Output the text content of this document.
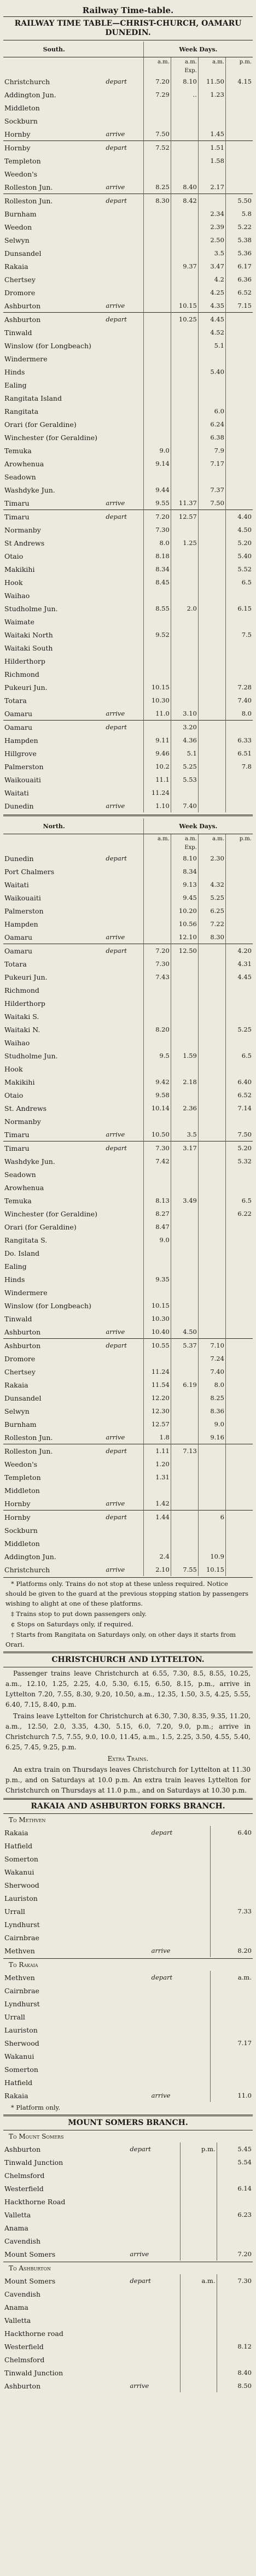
Railway Time-table.
RAILWAY TIME TABLE—CHRIST-CHURCH, OAMARU DUNEDIN.
South.		Week Days.			
		a.m.	a.m.	a.m.	p.m.
			Exp.		
Christchurch	depart	7.20	8.10	11.50	4.15
Addington Jun.		7.29	..	1.23	
Middleton					
Sockburn					
Hornby	arrive	7.50		1.45	
Hornby	depart	7.52		1.51	
Templeton				1.58	
Weedon's					
Rolleston Jun.	arrive	8.25	8.40	2.17	
Rolleston Jun.	depart	8.30	8.42		5.50
Burnham				2.34	5.8
Weedon				2.39	5.22
Selwyn				2.50	5.38
Dunsandel				3.5	5.36
Rakaia			9.37	3.47	6.17
Chertsey				4.2	6.36
Dromore				4.25	6.52
Ashburton	arrive		10.15	4.35	7.15
Ashburton	depart		10.25	4.45	
Tinwald				4.52	
Winslow (for Longbeach)				5.1	
Windermere					
Hinds				5.40	
Ealing					
Rangitata Island					
Rangitata				6.0	
Orari (for Geraldine)				6.24	
Winchester (for Geraldine)				6.38	
Temuka		9.0		7.9	
Arowhenua		9.14		7.17	
Seadown					
Washdyke Jun.		9.44		7.37	
Timaru	arrive	9.55	11.37	7.50	
Timaru	depart	7.20	12.57		4.40
Normanby		7.30			4.50
St Andrews		8.0	1.25		5.20
Otaio		8.18			5.40
Makikihi		8.34			5.52
Hook		8.45			6.5
Waihao					
Studholme Jun.		8.55	2.0		6.15
Waimate					
Waitaki North		9.52			7.5
Waitaki South					
Hilderthorp					
Richmond					
Pukeuri Jun.		10.15			7.28
Totara		10.30			7.40
Oamaru	arrive	11.0	3.10		8.0
Oamaru	depart		3.20		
Hampden		9.11	4.36		6.33
Hillgrove		9.46	5.1		6.51
Palmerston		10.2	5.25		7.8
Waikouaiti		11.1	5.53		
Waitati		11.24			
Dunedin	arrive	1.10	7.40		
North.		Week Days.			
		a.m.	a.m.	a.m.	p.m.
			Exp.		
Dunedin	depart		8.10	2.30	
Port Chalmers			8.34		
Waitati			9.13	4.32	
Waikouaiti			9.45	5.25	
Palmerston			10.20	6.25	
Hampden			10.56	7.22	
Oamaru	arrive		12.10	8.30	
Oamaru	depart	7.20	12.50		4.20
Totara		7.30			4.31
Pukeuri Jun.		7.43			4.45
Richmond					
Hilderthorp					
Waitaki S.					
Waitaki N.		8.20			5.25
Waihao					
Studholme Jun.		9.5	1.59		6.5
Hook					
Makikihi		9.42	2.18		6.40
Otaio		9.58			6.52
St. Andrews		10.14	2.36		7.14
Normanby					
Timaru	arrive	10.50	3.5		7.50
Timaru	depart	7.30	3.17		5.20
Washdyke Jun.		7.42			5.32
Seadown					
Arowhenua					
Temuka		8.13	3.49		6.5
Winchester (for Geraldine)		8.27			6.22
Orari (for Geraldine)		8.47			
Rangitata S.		9.0			
Do. Island					
Ealing					
Hinds		9.35			
Windermere					
Winslow (for Longbeach)		10.15			
Tinwald		10.30			
Ashburton	arrive	10.40	4.50		
Ashburton	depart	10.55	5.37	7.10	
Dromore				7.24	
Chertsey		11.24		7.40	
Rakaia		11.54	6.19	8.0	
Dunsandel		12.20		8.25	
Selwyn		12.30		8.36	
Burnham		12.57		9.0	
Rolleston Jun.	arrive	1.8		9.16	
Rolleston Jun.	depart	1.11	7.13		
Weedon's		1.20			
Templeton		1.31			
Middleton					
Hornby	arrive	1.42			
Hornby	depart	1.44		6	
Sockburn					
Middleton					
Addington Jun.		2.4		10.9	
Christchurch	arrive	2.10	7.55	10.15	
* Platforms only. Trains do not stop at these unless required. Notice should be given to the guard at the previous stopping station by passengers wishing to alight at one of these platforms.
‡ Trains stop to put down passengers only.
¢ Stops on Saturdays only, if required.
† Starts from Rangitata on Saturdays only, on other days it starts from Orari.
CHRISTCHURCH AND LYTTELTON.

Passenger trains leave Christchurch at 6.55, 7.30, 8.5, 8.55, 10.25, a.m., 12.10, 1.25, 2.25, 4.0, 5.30, 6.15, 6.50, 8.15, p.m., arrive in Lyttelton 7.20, 7.55, 8.30, 9.20, 10.50, a.m., 12.35, 1.50, 3.5, 4.25, 5.55, 6.40, 7.15, 8.40, p.m.

Trains leave Lyttelton for Christchurch at 6.30, 7.30, 8.35, 9.35, 11.20, a.m., 12.50, 2.0, 3.35, 4.30, 5.15, 6.0, 7.20, 9.0, p.m.; arrive in Christchurch 7.5, 7.55, 9.0, 10.0, 11.45, a.m., 1.5, 2.25, 3.50, 4.55, 5.40, 6.25, 7.45, 9.25, p.m.

Extra Trains.

An extra train on Thursdays leaves Christchurch for Lyttelton at 11.30 p.m., and on Saturdays at 10.0 p.m. An extra train leaves Lyttelton for Christchurch on Thursdays at 11.0 p.m., and on Saturdays at 10.30 p.m.

RAKAIA AND ASHBURTON FORKS BRANCH.
To Methven
Rakaia	depart	6.40
Hatfield		
Somerton		
Wakanui		
Sherwood		
Lauriston		
Urrall		7.33
Lyndhurst		
Cairnbrae		
Methven	arrive	8.20
To Rakaia
Methven	depart	a.m.
Cairnbrae		
Lyndhurst		
Urrall		
Lauriston		
Sherwood		7.17
Wakanui		
Somerton		
Hatfield		
Rakaia	arrive	11.0
* Platform only.
MOUNT SOMERS BRANCH.
To Mount Somers
Ashburton	depart	p.m.	5.45
Tinwald Junction			5.54
Chelmsford			
Westerfield			6.14
Hackthorne Road			
Valletta			6.23
Anama			
Cavendish			
Mount Somers	arrive		7.20
To Ashburton
Mount Somers	depart	a.m.	7.30
Cavendish			
Anama			
Valletta			
Hackthorne road			
Westerfield			8.12
Chelmsford			
Tinwald Junction			8.40
Ashburton	arrive		8.50
